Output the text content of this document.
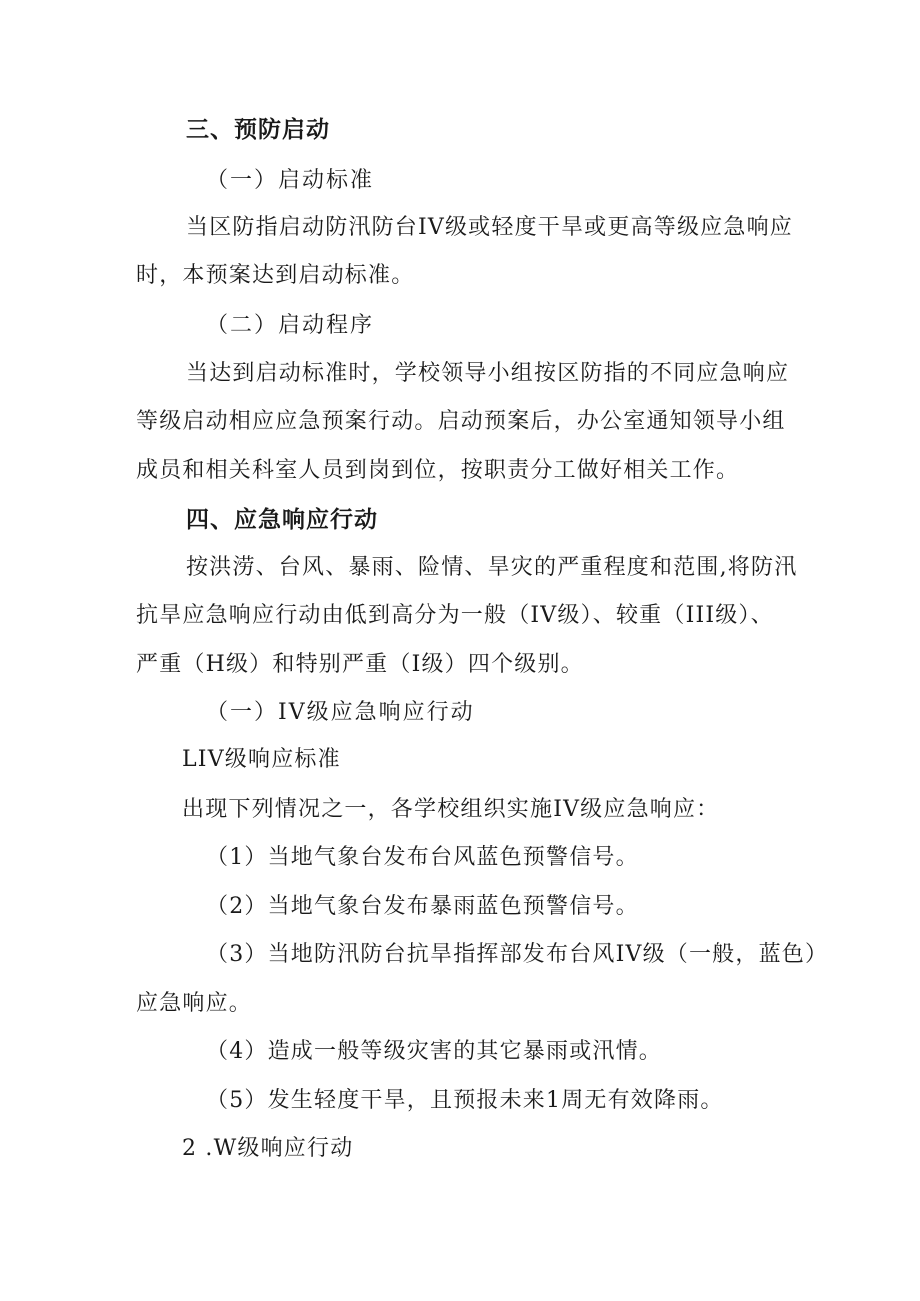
三、预防启动
（一）启动标准
当区防指启动防汛防台IV级或轻度干旱或更高等级应急响应
时，本预案达到启动标准。
（二）启动程序
当达到启动标准时，学校领导小组按区防指的不同应急响应
等级启动相应应急预案行动。启动预案后，办公室通知领导小组
成员和相关科室人员到岗到位，按职责分工做好相关工作。
四、应急响应行动
按洪涝、台风、暴雨、险情、旱灾的严重程度和范围,将防汛
抗旱应急响应行动由低到高分为一般（IV级）、较重（III级）、
严重（H级）和特别严重（I级）四个级别。
（一）IV级应急响应行动
LIV级响应标准
出现下列情况之一，各学校组织实施IV级应急响应：
（1）当地气象台发布台风蓝色预警信号。
（2）当地气象台发布暴雨蓝色预警信号。
（3）当地防汛防台抗旱指挥部发布台风IV级（一般，蓝色）
应急响应。
（4）造成一般等级灾害的其它暴雨或汛情。
（5）发生轻度干旱，且预报未来1周无有效降雨。
2 .W级响应行动
